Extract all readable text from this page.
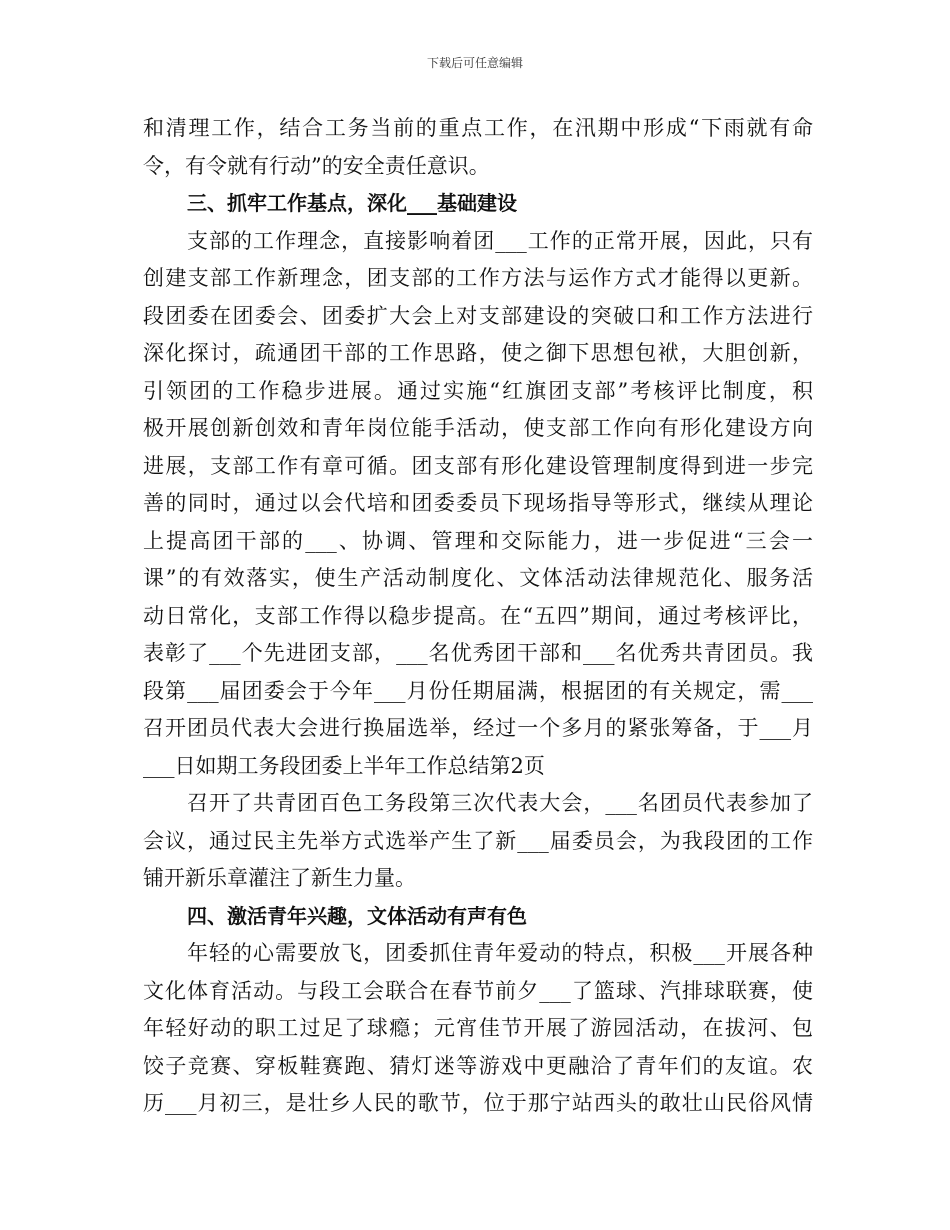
下载后可任意编辑
和清理工作，结合工务当前的重点工作，在汛期中形成“下雨就有命
令，有令就有行动”的安全责任意识。
三、抓牢工作基点，深化___基础建设
支部的工作理念，直接影响着团___工作的正常开展，因此，只有
创建支部工作新理念，团支部的工作方法与运作方式才能得以更新。
段团委在团委会、团委扩大会上对支部建设的突破口和工作方法进行
深化探讨，疏通团干部的工作思路，使之御下思想包袱，大胆创新，
引领团的工作稳步进展。通过实施“红旗团支部”考核评比制度，积
极开展创新创效和青年岗位能手活动，使支部工作向有形化建设方向
进展，支部工作有章可循。团支部有形化建设管理制度得到进一步完
善的同时，通过以会代培和团委委员下现场指导等形式，继续从理论
上提高团干部的___、协调、管理和交际能力，进一步促进“三会一
课”的有效落实，使生产活动制度化、文体活动法律规范化、服务活
动日常化，支部工作得以稳步提高。在“五四”期间，通过考核评比，
表彰了___个先进团支部，___名优秀团干部和___名优秀共青团员。我
段第___届团委会于今年___月份任期届满，根据团的有关规定，需___
召开团员代表大会进行换届选举，经过一个多月的紧张筹备，于___月
___日如期工务段团委上半年工作总结第2页
召开了共青团百色工务段第三次代表大会，___名团员代表参加了
会议，通过民主先举方式选举产生了新___届委员会，为我段团的工作
铺开新乐章灌注了新生力量。
四、激活青年兴趣，文体活动有声有色
年轻的心需要放飞，团委抓住青年爱动的特点，积极___开展各种
文化体育活动。与段工会联合在春节前夕___了篮球、汽排球联赛，使
年轻好动的职工过足了球瘾；元宵佳节开展了游园活动，在拔河、包
饺子竞赛、穿板鞋赛跑、猜灯迷等游戏中更融洽了青年们的友谊。农
历___月初三，是壮乡人民的歌节，位于那宁站西头的敢壮山民俗风情
